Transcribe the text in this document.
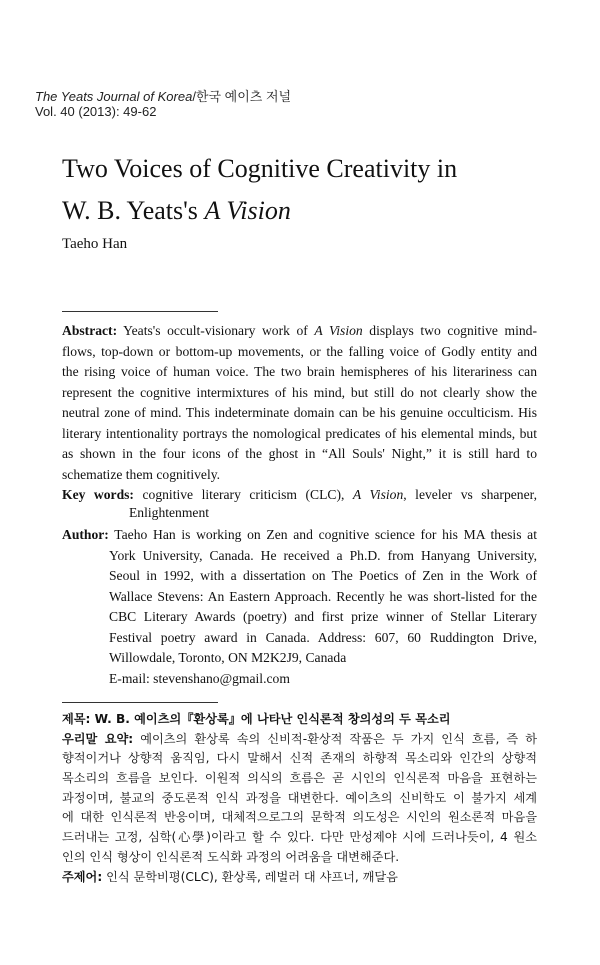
The Yeats Journal of Korea/한국 예이츠 저널
Vol. 40 (2013): 49-62
Two Voices of Cognitive Creativity in
W. B. Yeats's A Vision
Taeho Han
Abstract: Yeats's occult-visionary work of A Vision displays two cognitive mind-
flows, top-down or bottom-up movements, or the falling voice of Godly entity and
the rising voice of human voice. The two brain hemispheres of his literariness can
represent the cognitive intermixtures of his mind, but still do not clearly show the
neutral zone of mind. This indeterminate domain can be his genuine occulticism. His
literary intentionality portrays the nomological predicates of his elemental minds, but
as shown in the four icons of the ghost in “All Souls' Night,” it is still hard to
schematize them cognitively.
Key words: cognitive literary criticism (CLC), A Vision, leveler vs sharpener,
Enlightenment
Author: Taeho Han is working on Zen and cognitive science for his MA thesis at
York University, Canada. He received a Ph.D. from Hanyang University,
Seoul in 1992, with a dissertation on The Poetics of Zen in the Work of
Wallace Stevens: An Eastern Approach. Recently he was short-listed for the
CBC Literary Awards (poetry) and first prize winner of Stellar Literary
Festival poetry award in Canada. Address: 607, 60 Ruddington Drive,
Willowdale, Toronto, ON M2K2J9, Canada
E-mail: stevenshano@gmail.com
제목: W. B. 예이츠의『환상록』에 나타난 인식론적 창의성의 두 목소리
우리말 요약: 예이츠의 환상록 속의 신비적-환상적 작품은 두 가지 인식 흐름, 즉 하
향적이거나 상향적 움직임, 다시 말해서 신적 존재의 하향적 목소리와 인간의 상향적
목소리의 흐름을 보인다. 이원적 의식의 흐름은 곧 시인의 인식론적 마음을 표현하는
과정이며, 불교의 중도론적 인식 과정을 대변한다. 예이츠의 신비학도 이 불가지 세계
에 대한 인식론적 반응이며, 대체적으로그의 문학적 의도성은 시인의 원소론적 마음을
드러내는 고정, 심학(心學)이라고 할 수 있다. 다만 만성제야 시에 드러나듯이, 4 원소
인의 인식 형상이 인식론적 도식화 과정의 어려움을 대변해준다.
주제어: 인식 문학비평(CLC), 환상록, 레벌러 대 샤프너, 깨달음
